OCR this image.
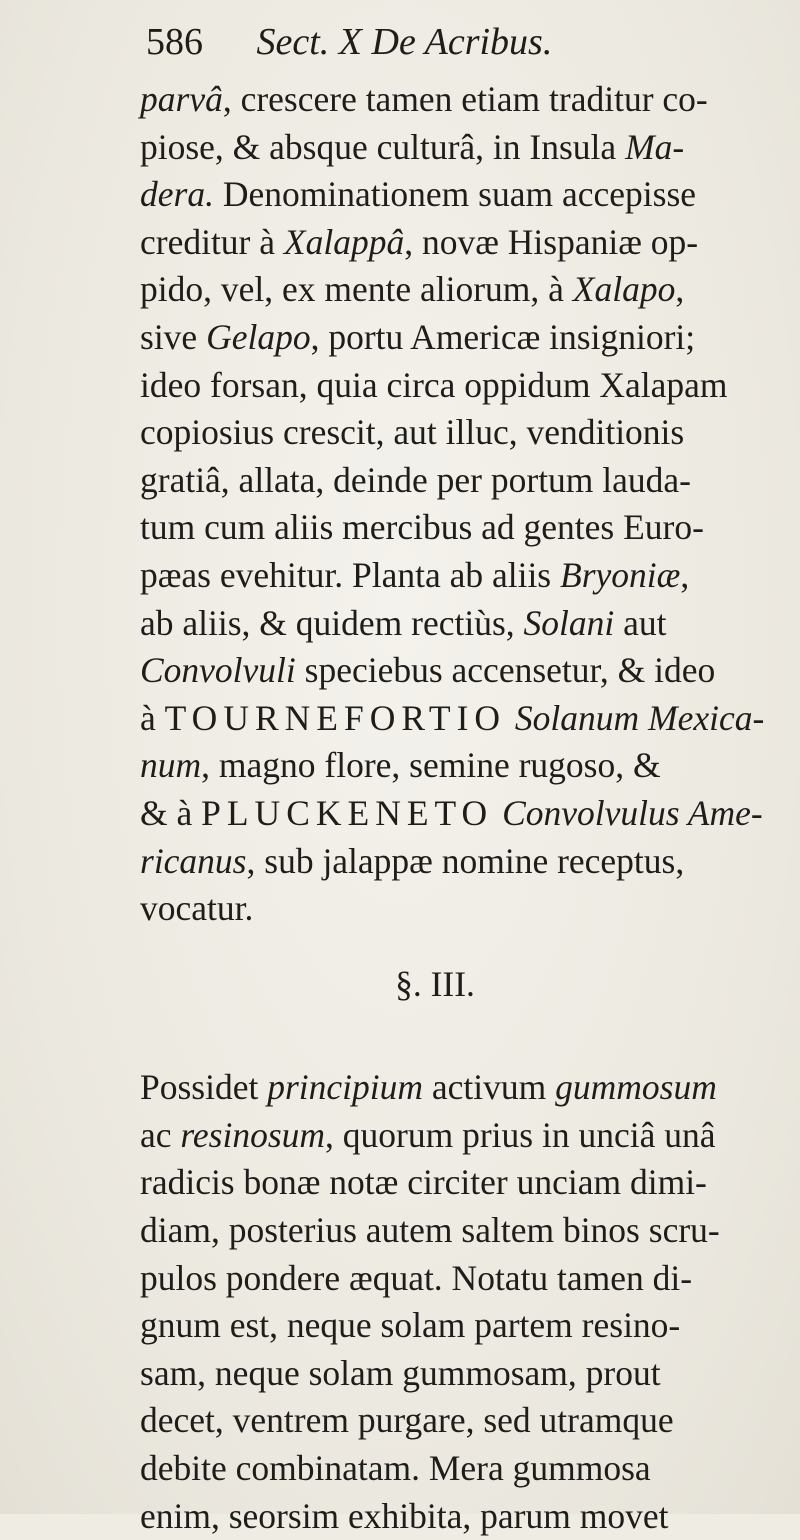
586 Sect. X De Acribus.
parvâ, crescere tamen etiam traditur co-
piose, & absque culturâ, in Insula Ma-
dera. Denominationem suam accepisse
creditur à Xalappâ, novæ Hispaniæ op-
pido, vel, ex mente aliorum, à Xalapo,
sive Gelapo, portu Americæ insigniori;
ideo forsan, quia circa oppidum Xalapam
copiosius crescit, aut illuc, venditionis
gratiâ, allata, deinde per portum lauda-
tum cum aliis mercibus ad gentes Euro-
pæas evehitur. Planta ab aliis Bryoniæ,
ab aliis, & quidem rectiùs, Solani aut
Convolvuli speciebus accensetur, & ideo
à TOURNEFORTIO Solanum Mexica-
num, magno flore, semine rugoso, &
& à PLUCKENETO Convolvulus Ame-
ricanus, sub jalappæ nomine receptus,
vocatur.
§. III.
Possidet principium activum gummosum
ac resinosum, quorum prius in unciâ unâ
radicis bonæ notæ circiter unciam dimi-
diam, posterius autem saltem binos scru-
pulos pondere æquat. Notatu tamen di-
gnum est, neque solam partem resino-
sam, neque solam gummosam, prout
decet, ventrem purgare, sed utramque
debite combinatam. Mera gummosa
enim, seorsim exhibita, parum movet
